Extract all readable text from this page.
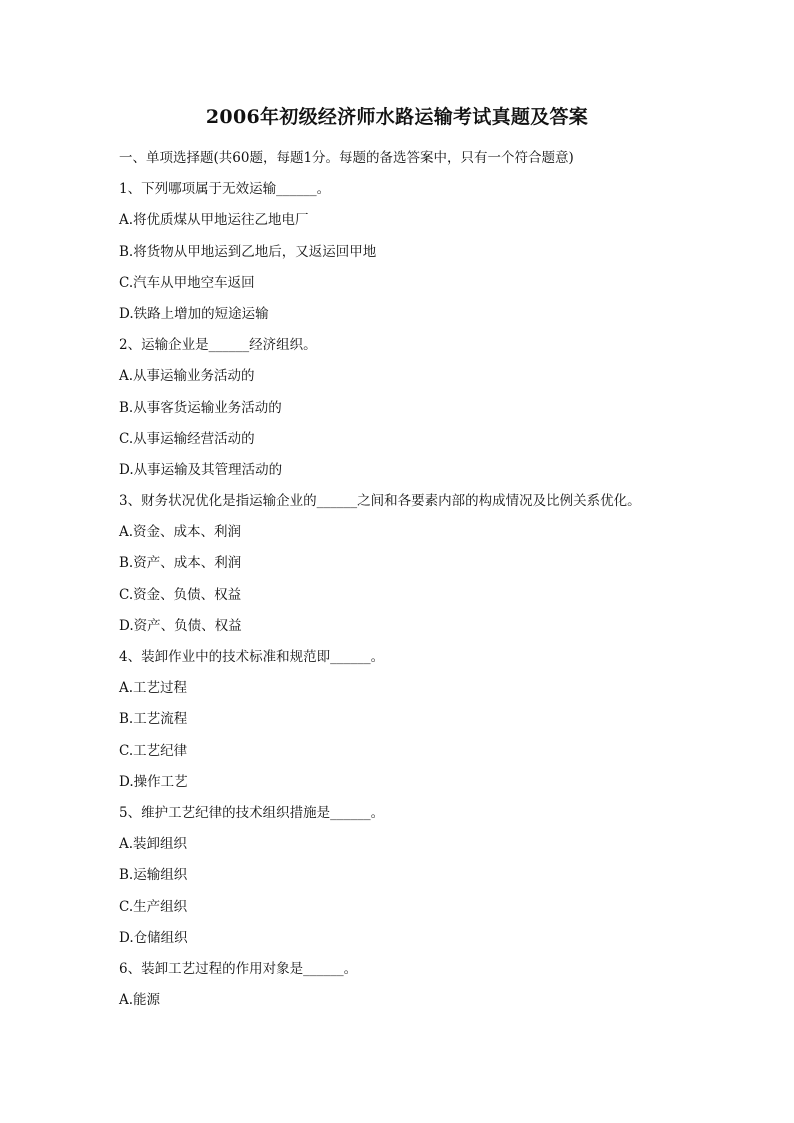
2006年初级经济师水路运输考试真题及答案
一、单项选择题(共60题，每题1分。每题的备选答案中，只有一个符合题意)
1、下列哪项属于无效运输______。
A.将优质煤从甲地运往乙地电厂
B.将货物从甲地运到乙地后，又返运回甲地
C.汽车从甲地空车返回
D.铁路上增加的短途运输
2、运输企业是______经济组织。
A.从事运输业务活动的
B.从事客货运输业务活动的
C.从事运输经营活动的
D.从事运输及其管理活动的
3、财务状况优化是指运输企业的______之间和各要素内部的构成情况及比例关系优化。
A.资金、成本、利润
B.资产、成本、利润
C.资金、负债、权益
D.资产、负债、权益
4、装卸作业中的技术标准和规范即______。
A.工艺过程
B.工艺流程
C.工艺纪律
D.操作工艺
5、维护工艺纪律的技术组织措施是______。
A.装卸组织
B.运输组织
C.生产组织
D.仓储组织
6、装卸工艺过程的作用对象是______。
A.能源
